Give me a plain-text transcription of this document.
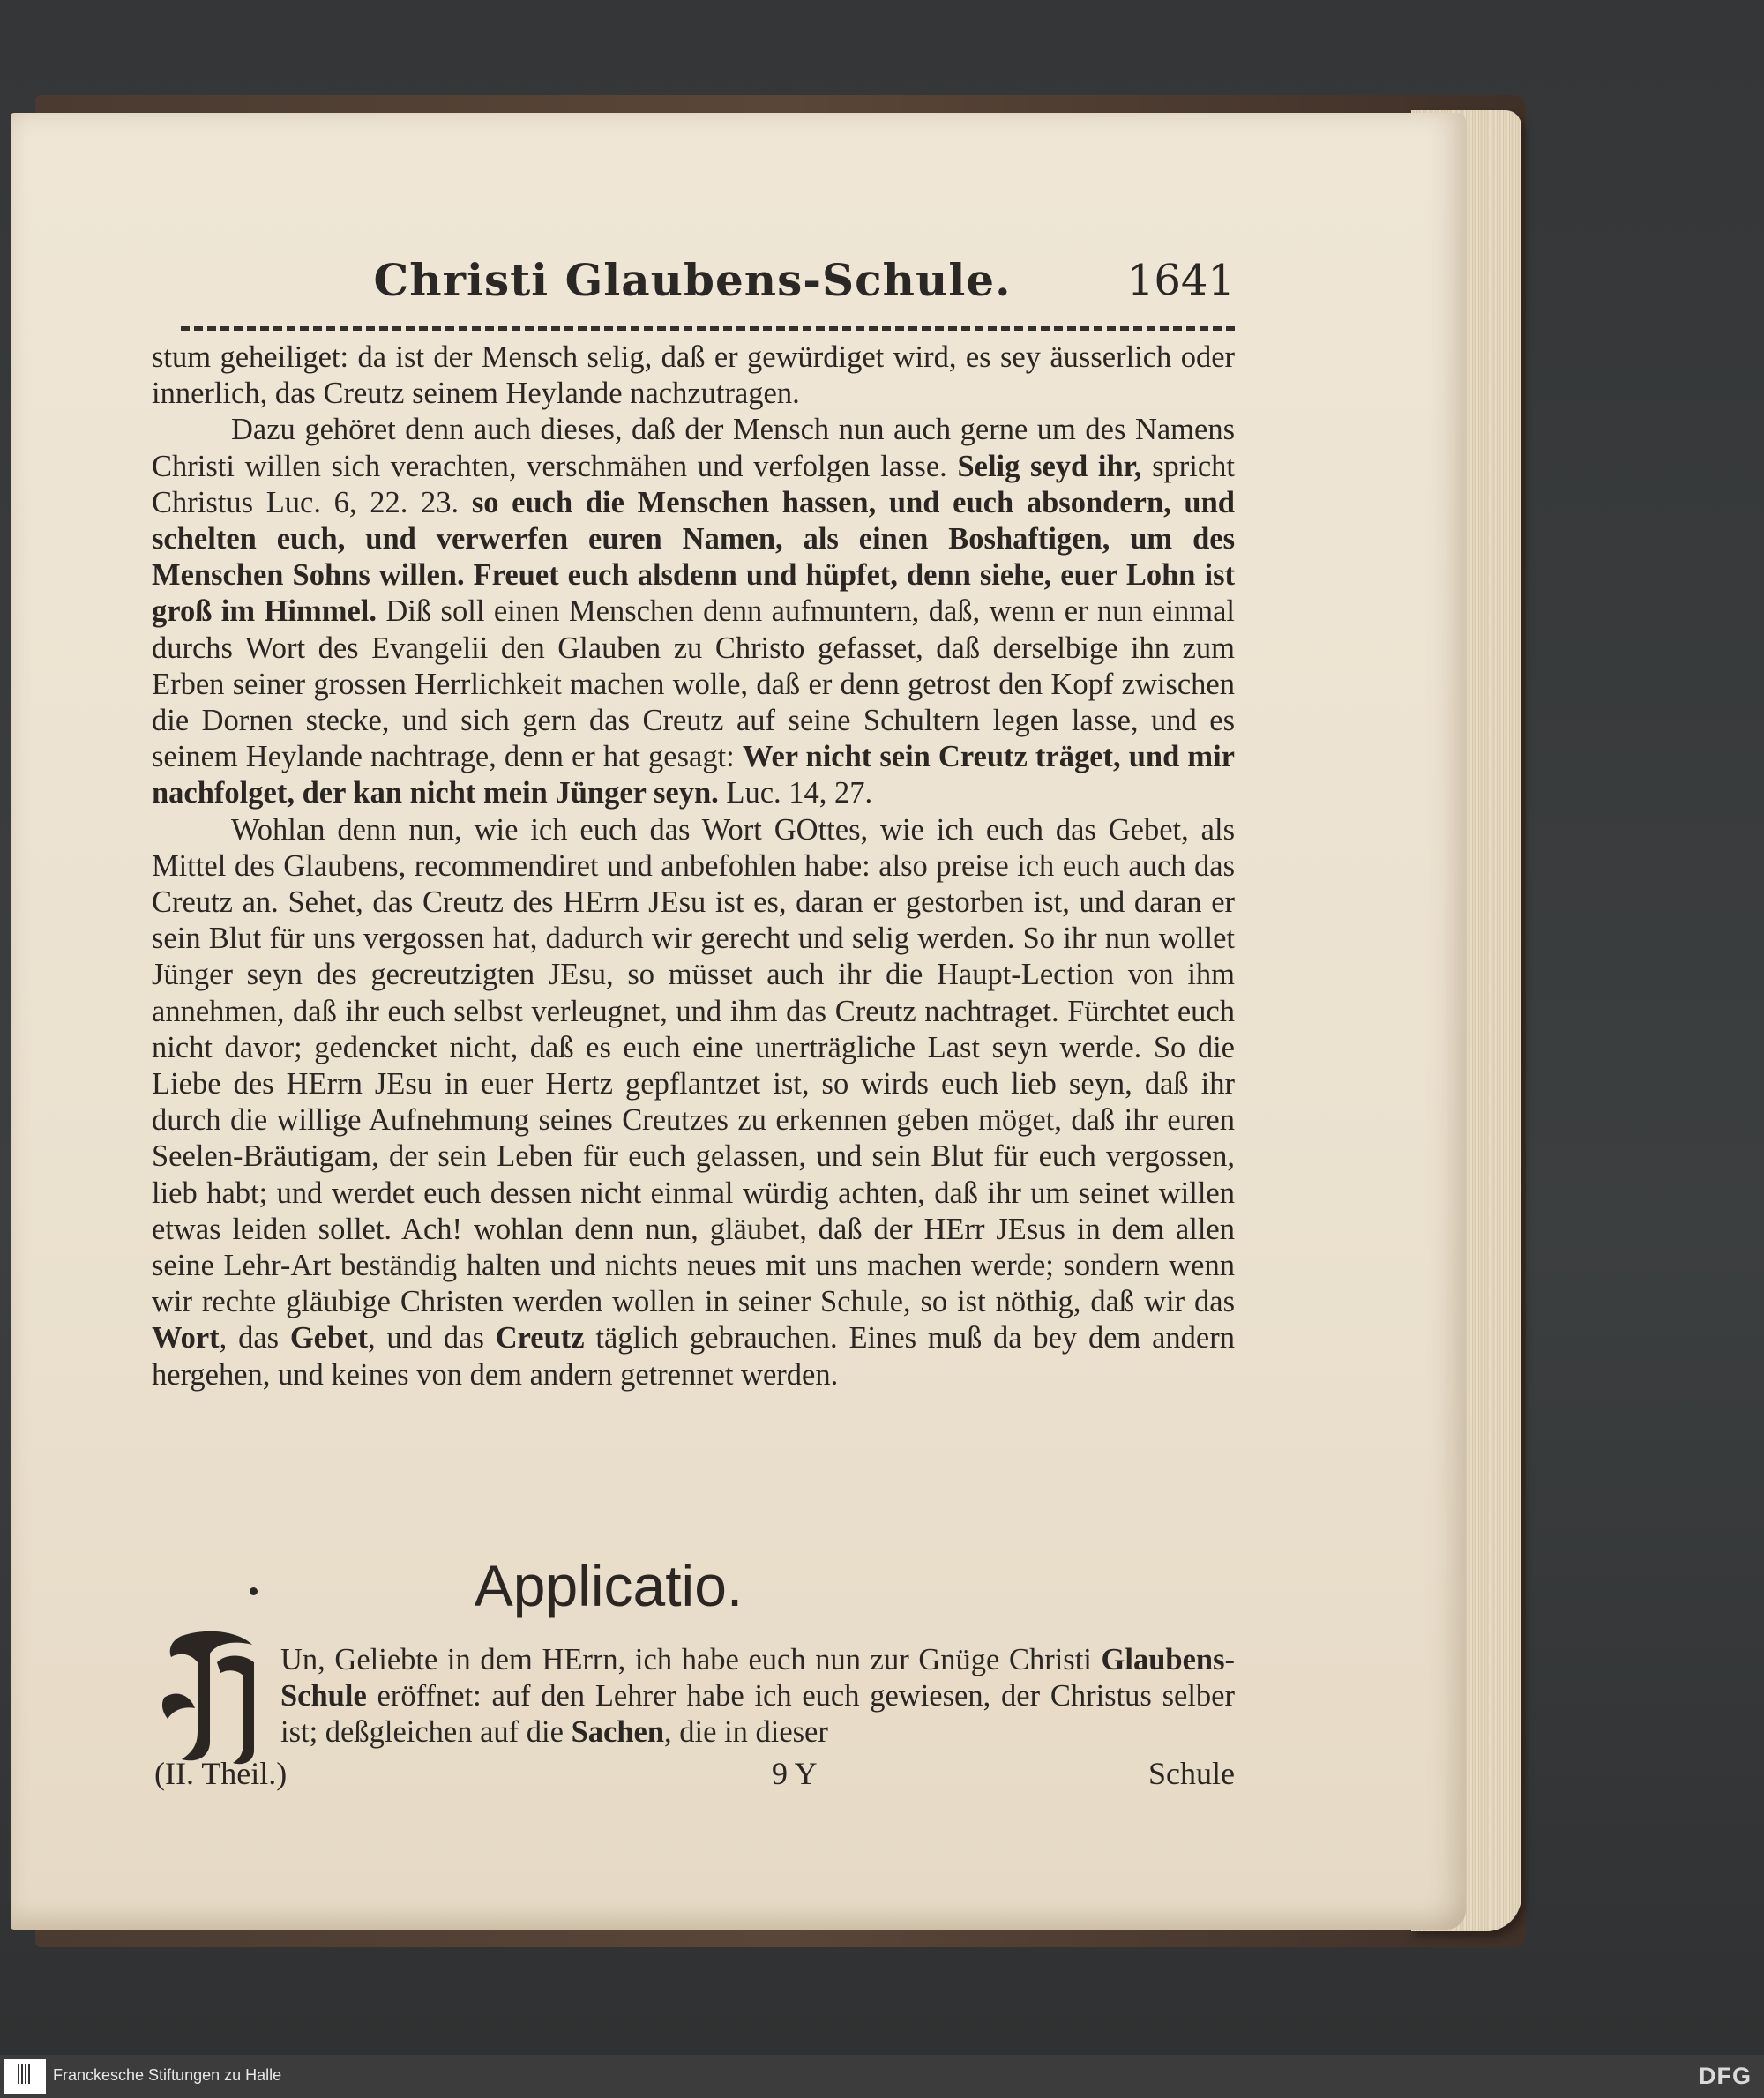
Christi Glaubens-Schule.	1641

stum geheiliget: da ist der Mensch selig, daß er gewürdiget wird, es sey äusserlich oder innerlich, das Creutz seinem Heylande nachzutragen.

Dazu gehöret denn auch dieses, daß der Mensch nun auch gerne um des Namens Christi willen sich verachten, verschmähen und verfolgen lasse. Selig seyd ihr, spricht Christus Luc. 6, 22. 23. so euch die Menschen hassen, und euch absondern, und schelten euch, und verwerfen euren Namen, als einen Boshaftigen, um des Menschen Sohns willen. Freuet euch alsdenn und hüpfet, denn siehe, euer Lohn ist groß im Himmel. Diß soll einen Menschen denn aufmuntern, daß, wenn er nun einmal durchs Wort des Evangelii den Glauben zu Christo gefasset, daß derselbige ihn zum Erben seiner grossen Herrlichkeit machen wolle, daß er denn getrost den Kopf zwischen die Dornen stecke, und sich gern das Creutz auf seine Schultern legen lasse, und es seinem Heylande nachtrage, denn er hat gesagt: Wer nicht sein Creutz träget, und mir nachfolget, der kan nicht mein Jünger seyn. Luc. 14, 27.

Wohlan denn nun, wie ich euch das Wort GOttes, wie ich euch das Gebet, als Mittel des Glaubens, recommendiret und anbefohlen habe: also preise ich euch auch das Creutz an. Sehet, das Creutz des HErrn JEsu ist es, daran er gestorben ist, und daran er sein Blut für uns vergossen hat, dadurch wir gerecht und selig werden. So ihr nun wollet Jünger seyn des gecreutzigten JEsu, so müsset auch ihr die Haupt-Lection von ihm annehmen, daß ihr euch selbst verleugnet, und ihm das Creutz nachtraget. Fürchtet euch nicht davor; gedencket nicht, daß es euch eine unerträgliche Last seyn werde. So die Liebe des HErrn JEsu in euer Hertz gepflantzet ist, so wirds euch lieb seyn, daß ihr durch die willige Aufnehmung seines Creutzes zu erkennen geben möget, daß ihr euren Seelen-Bräutigam, der sein Leben für euch gelassen, und sein Blut für euch vergossen, lieb habt; und werdet euch dessen nicht einmal würdig achten, daß ihr um seinet willen etwas leiden sollet. Ach! wohlan denn nun, gläubet, daß der HErr JEsus in dem allen seine Lehr-Art beständig halten und nichts neues mit uns machen werde; sondern wenn wir rechte gläubige Christen werden wollen in seiner Schule, so ist nöthig, daß wir das Wort, das Gebet, und das Creutz täglich gebrauchen. Eines muß da bey dem andern hergehen, und keines von dem andern getrennet werden.

Applicatio.

Un, Geliebte in dem HErrn, ich habe euch nun zur Gnüge Christi Glaubens-Schule eröffnet: auf den Lehrer habe ich euch gewiesen, der Christus selber ist; deßgleichen auf die Sachen, die in dieser

(II. Theil.)	9 Y	Schule
Franckesche Stiftungen zu Halle	DFG
